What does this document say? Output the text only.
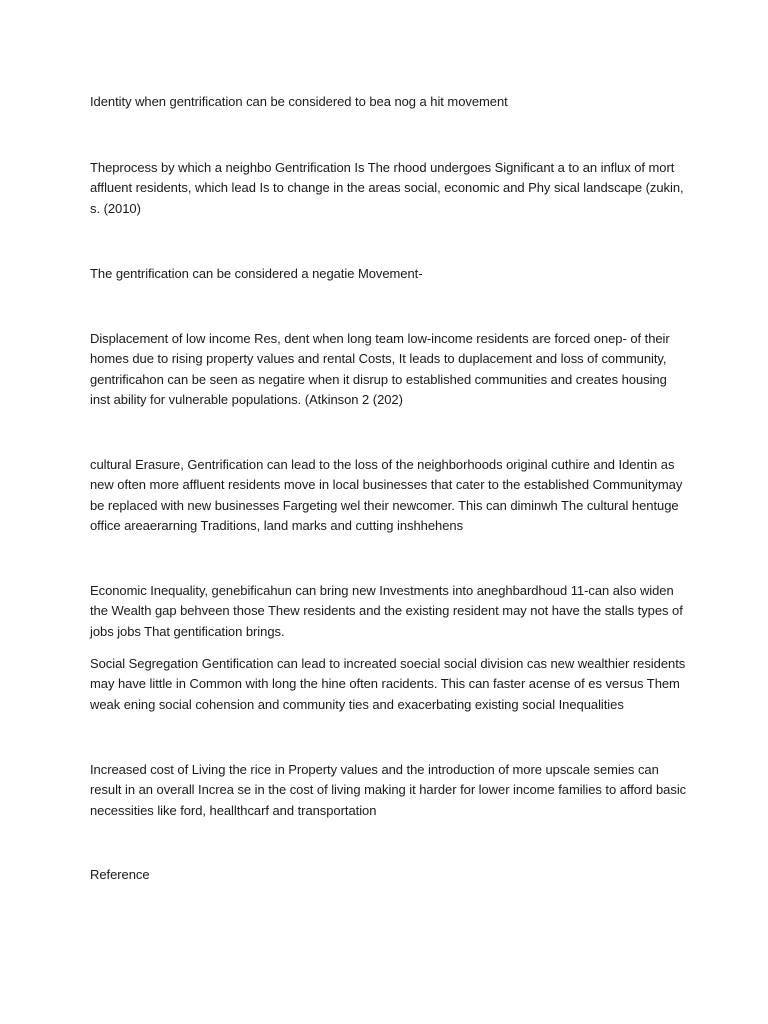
Identity when gentrification can be considered to bea nog a hit movement

Theprocess by which a neighbo Gentrification Is The rhood undergoes Significant a to an influx of mort affluent residents, which lead Is to change in the areas social, economic and Phy sical landscape (zukin, s. (2010)

The gentrification can be considered a negatie Movement-

Displacement of low income Res, dent when long team low-income residents are forced onep- of their homes due to rising property values and rental Costs, It leads to duplacement and loss of community, gentrificahon can be seen as negatire when it disrup to established communities and creates housing inst ability for vulnerable populations. (Atkinson 2 (202)

cultural Erasure, Gentrification can lead to the loss of the neighborhoods original cuthire and Identin as new often more affluent residents move in local businesses that cater to the established Communitymay be replaced with new businesses Fargeting wel their newcomer. This can diminwh The cultural hentuge office areaerarning Traditions, land marks and cutting inshhehens

Economic Inequality, genebificahun can bring new Investments into aneghbardhoud 11-can also widen the Wealth gap behveen those Thew residents and the existing resident may not have the stalls types of jobs jobs That gentification brings.

Social Segregation Gentification can lead to increated soecial social division cas new wealthier residents may have little in Common with long the hine often racidents. This can faster acense of es versus Them weak ening social cohension and community ties and exacerbating existing social Inequalities

Increased cost of Living the rice in Property values and the introduction of more upscale semies can result in an overall Increa se in the cost of living making it harder for lower income families to afford basic necessities like ford, heallthcarf and transportation

Reference
